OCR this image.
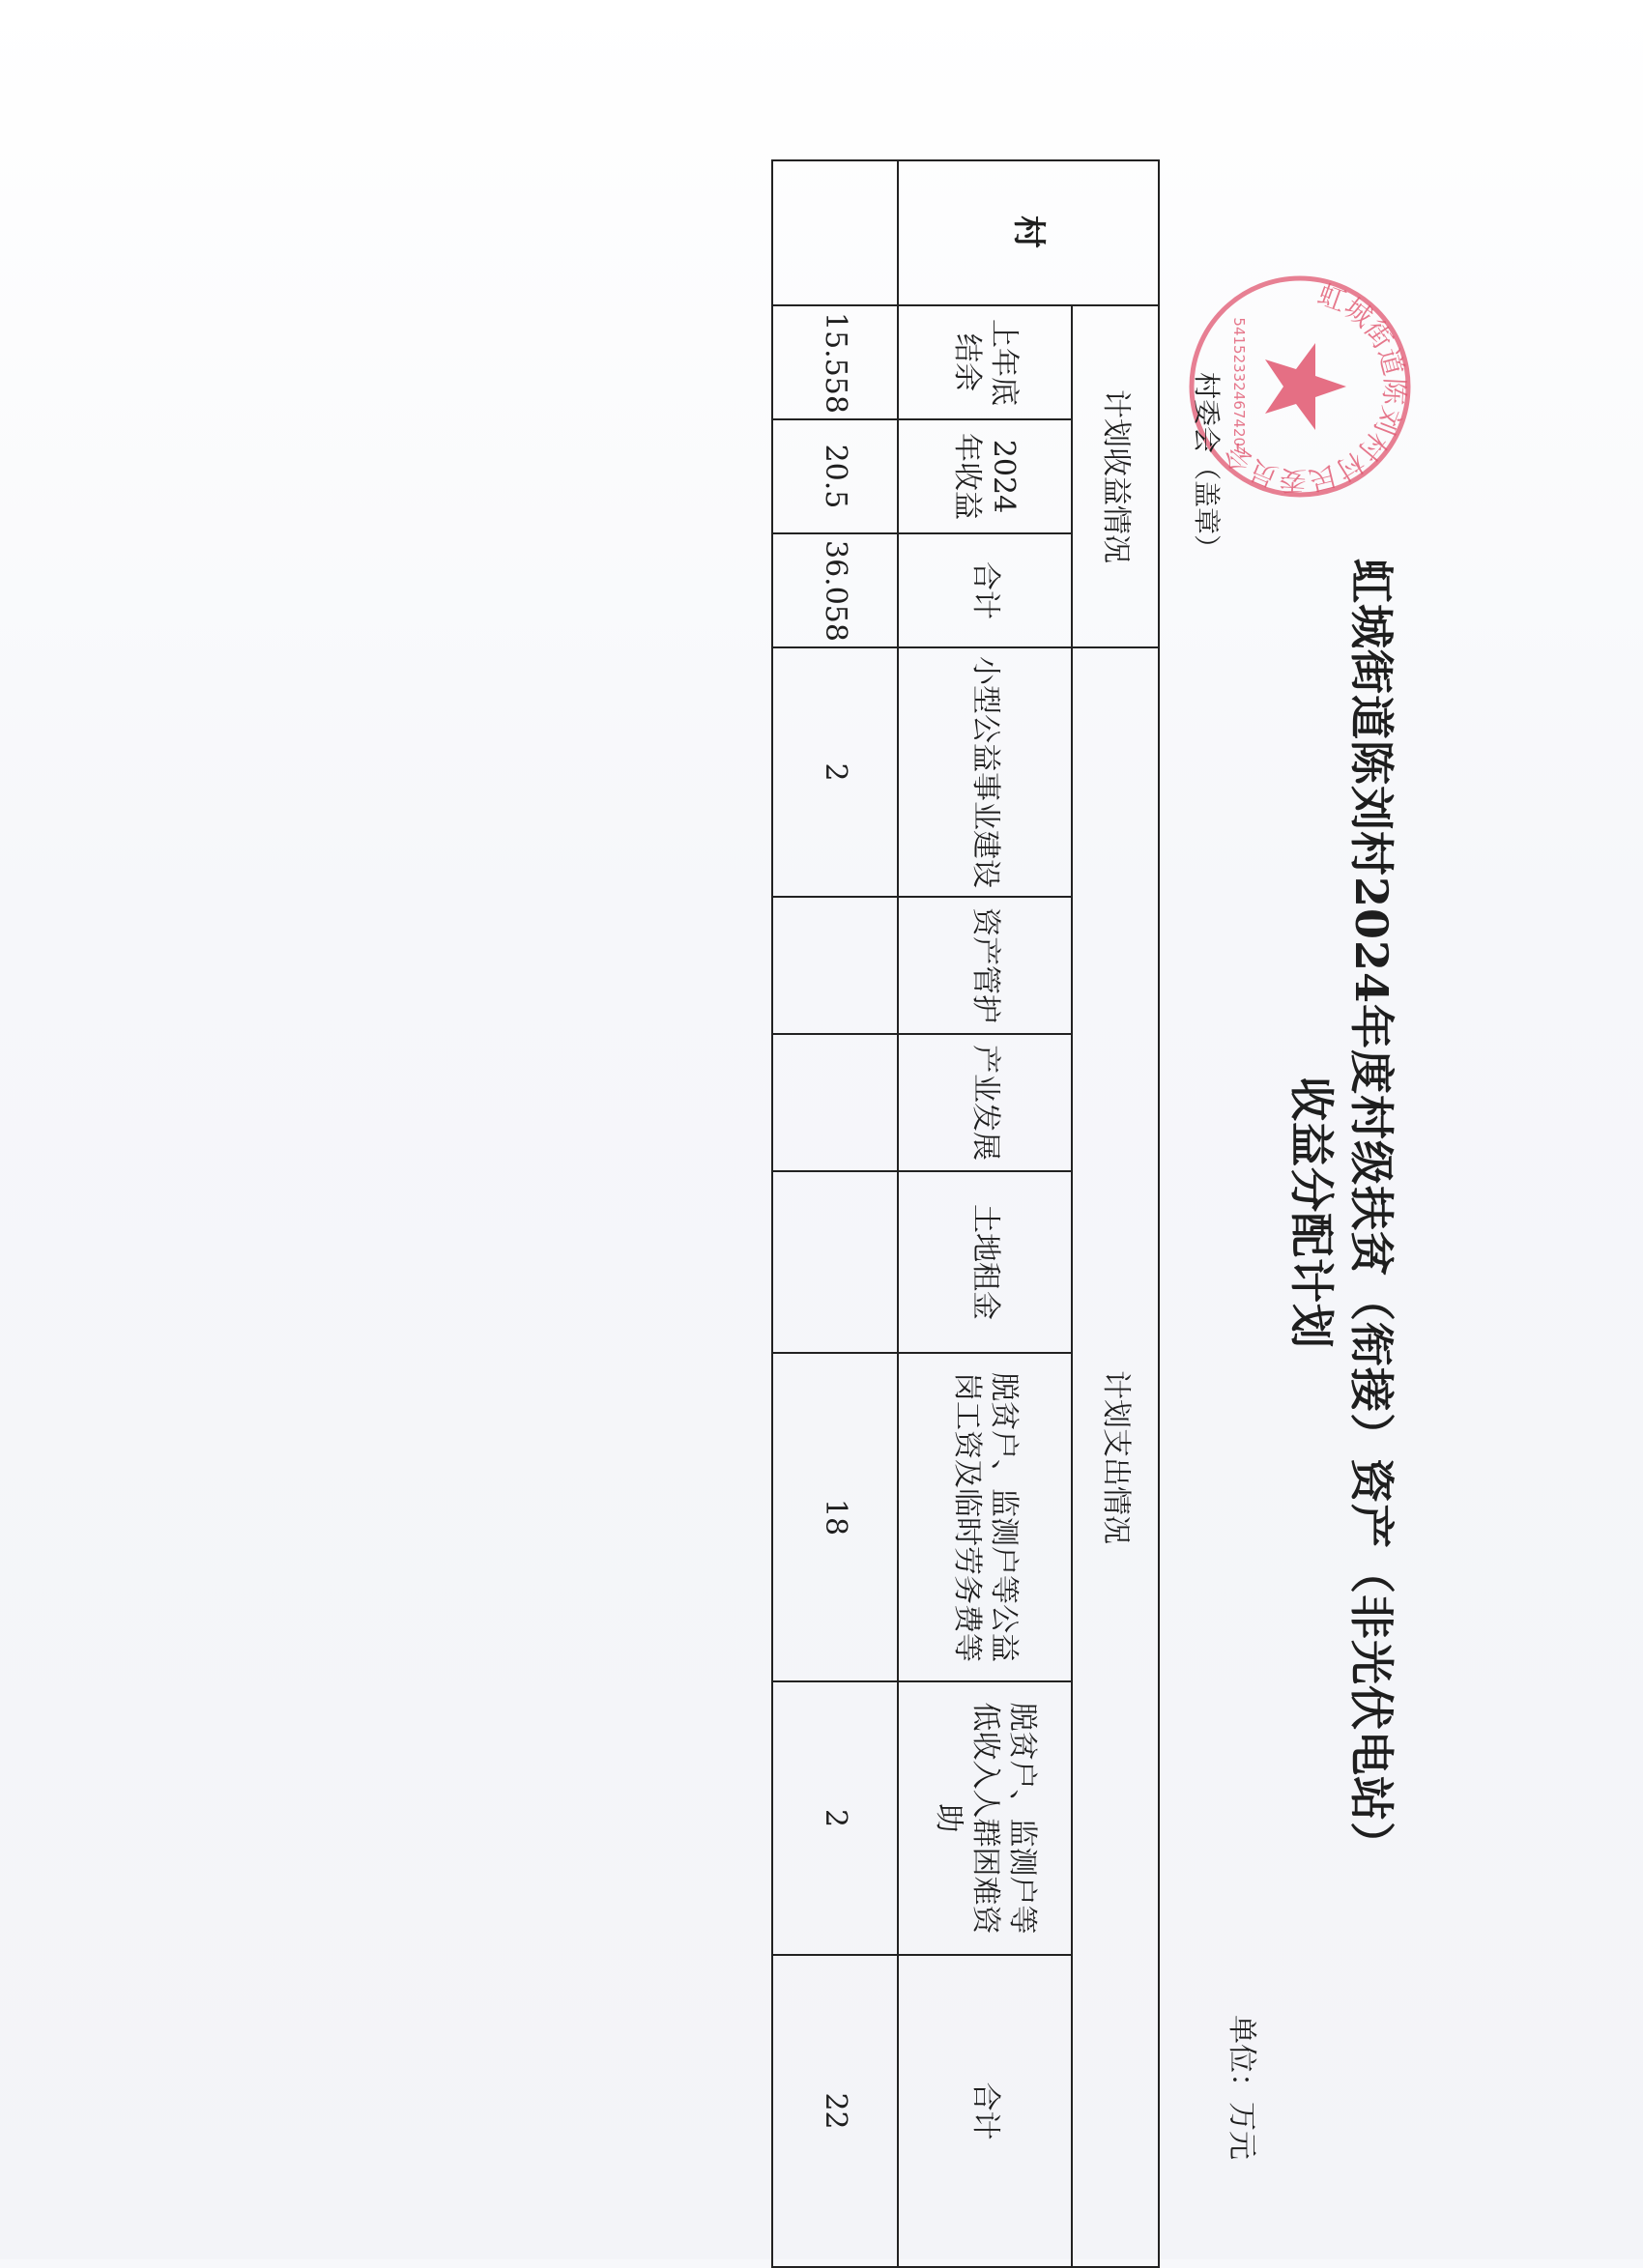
虹城街道陈刘村2024年度村级扶贫（衔接）资产（非光伏电站）
收益分配计划
虹城街道陈刘村村民委员会
541523324674207
村委会（盖章）
单位：万元
村	计划收益情况			计划支出情况						
	上年底结余	2024年收益	合计	小型公益事业建设	资产管护	产业发展	土地租金	脱贫户、监测户等公益岗工资及临时劳务费等	脱贫户、监测户等低收入人群困难资助	合计
	15.558	20.5	36.058	2				18	2	22
